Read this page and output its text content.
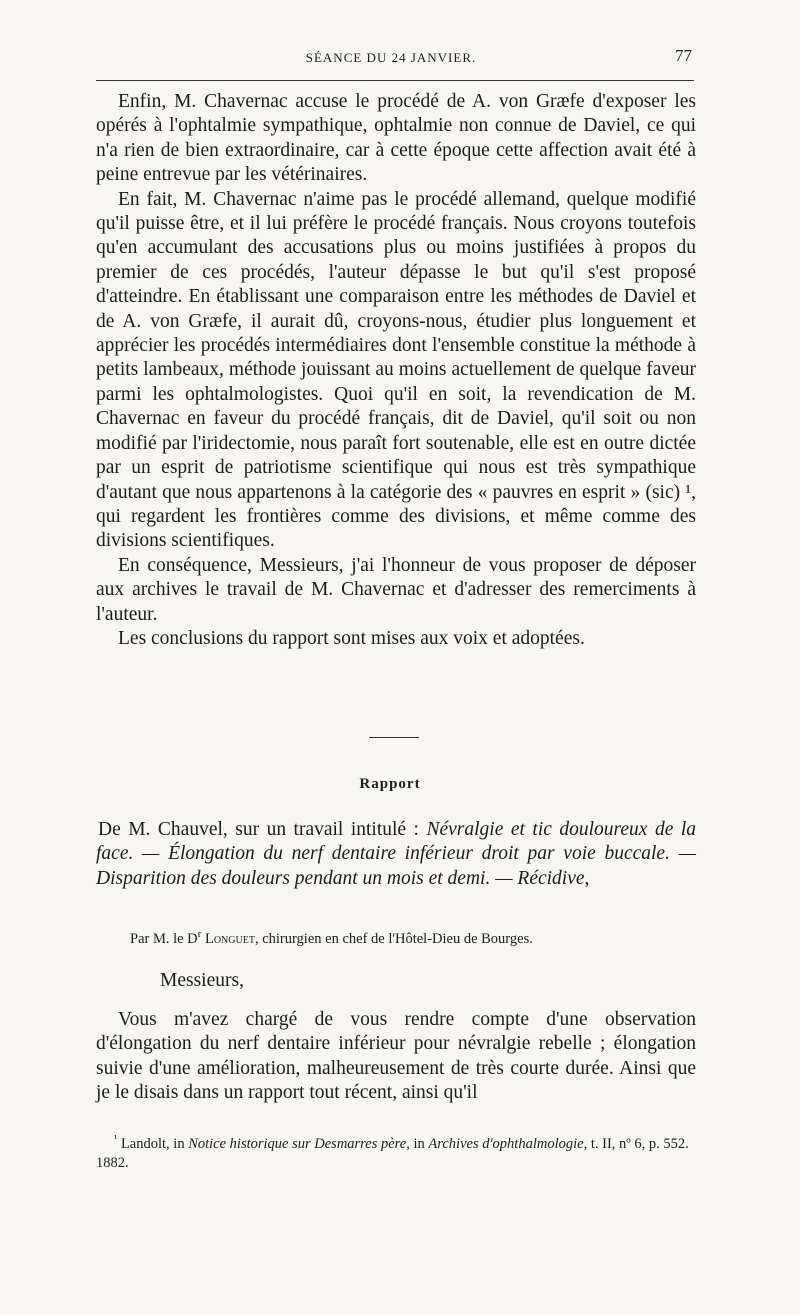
SÉANCE DU 24 JANVIER.	77

Enfin, M. Chavernac accuse le procédé de A. von Græfe d'exposer les opérés à l'ophtalmie sympathique, ophtalmie non connue de Daviel, ce qui n'a rien de bien extraordinaire, car à cette époque cette affection avait été à peine entrevue par les vétérinaires.

En fait, M. Chavernac n'aime pas le procédé allemand, quelque modifié qu'il puisse être, et il lui préfère le procédé français. Nous croyons toutefois qu'en accumulant des accusations plus ou moins justifiées à propos du premier de ces procédés, l'auteur dépasse le but qu'il s'est proposé d'atteindre. En établissant une comparaison entre les méthodes de Daviel et de A. von Græfe, il aurait dû, croyons-nous, étudier plus longuement et apprécier les procédés intermédiaires dont l'ensemble constitue la méthode à petits lambeaux, méthode jouissant au moins actuellement de quelque faveur parmi les ophtalmologistes. Quoi qu'il en soit, la revendication de M. Chavernac en faveur du procédé français, dit de Daviel, qu'il soit ou non modifié par l'iridectomie, nous paraît fort soutenable, elle est en outre dictée par un esprit de patriotisme scientifique qui nous est très sympathique d'autant que nous appartenons à la catégorie des « pauvres en esprit » (sic) ¹, qui regardent les frontières comme des divisions, et même comme des divisions scientifiques.

En conséquence, Messieurs, j'ai l'honneur de vous proposer de déposer aux archives le travail de M. Chavernac et d'adresser des remerciments à l'auteur.

Les conclusions du rapport sont mises aux voix et adoptées.

Rapport

De M. Chauvel, sur un travail intitulé : Névralgie et tic douloureux de la face. — Élongation du nerf dentaire inférieur droit par voie buccale. — Disparition des douleurs pendant un mois et demi. — Récidive,

Par M. le $D^r$ Longuet, chirurgien en chef de l'Hôtel-Dieu de Bourges.
Messieurs,

Vous m'avez chargé de vous rendre compte d'une observation d'élongation du nerf dentaire inférieur pour névralgie rebelle ; élongation suivie d'une amélioration, malheureusement de très courte durée. Ainsi que je le disais dans un rapport tout récent, ainsi qu'il

$^{^1}$ Landolt, in Notice historique sur Desmarres père, in Archives d'ophthalmologie, t. II, nº 6, p. 552. 1882.
